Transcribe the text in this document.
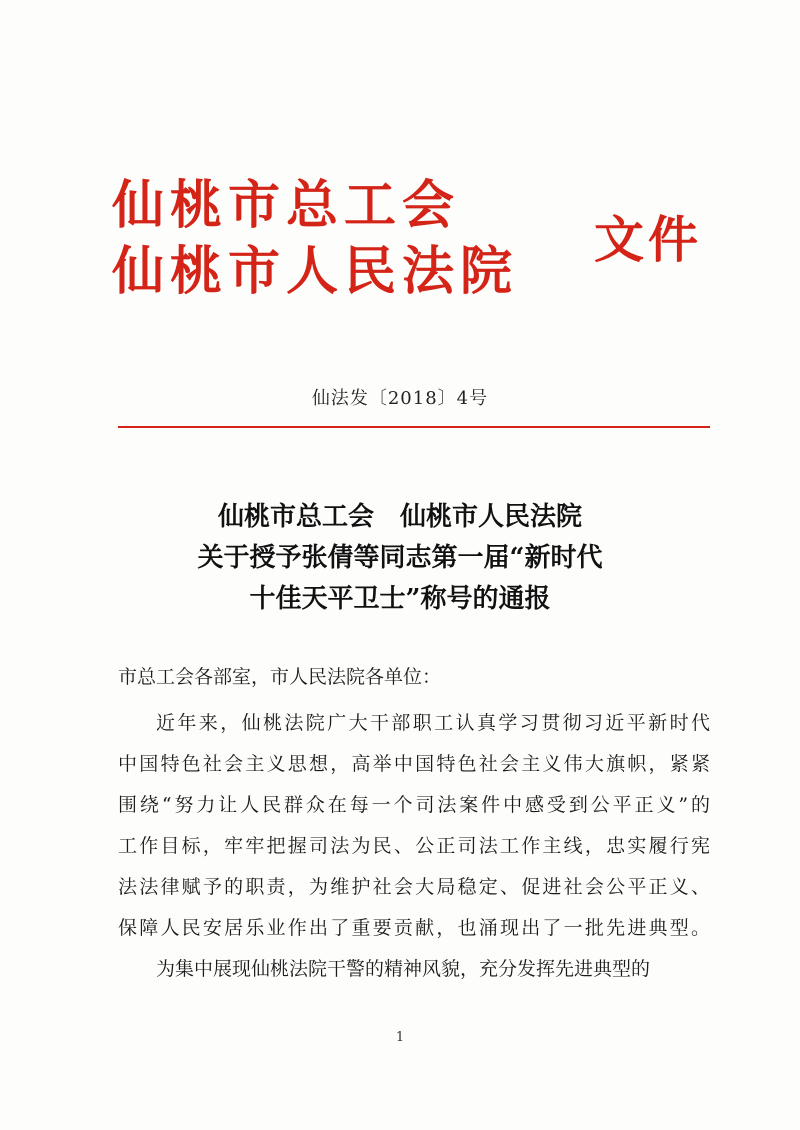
仙桃市总工会
仙桃市人民法院
文件
仙法发〔2018〕4号
仙桃市总工会　仙桃市人民法院
关于授予张倩等同志第一届“新时代
十佳天平卫士”称号的通报
市总工会各部室，市人民法院各单位：
近年来，仙桃法院广大干部职工认真学习贯彻习近平新时代
中国特色社会主义思想，高举中国特色社会主义伟大旗帜，紧紧
围绕“努力让人民群众在每一个司法案件中感受到公平正义”的
工作目标，牢牢把握司法为民、公正司法工作主线，忠实履行宪
法法律赋予的职责，为维护社会大局稳定、促进社会公平正义、
保障人民安居乐业作出了重要贡献，也涌现出了一批先进典型。
为集中展现仙桃法院干警的精神风貌，充分发挥先进典型的
1
